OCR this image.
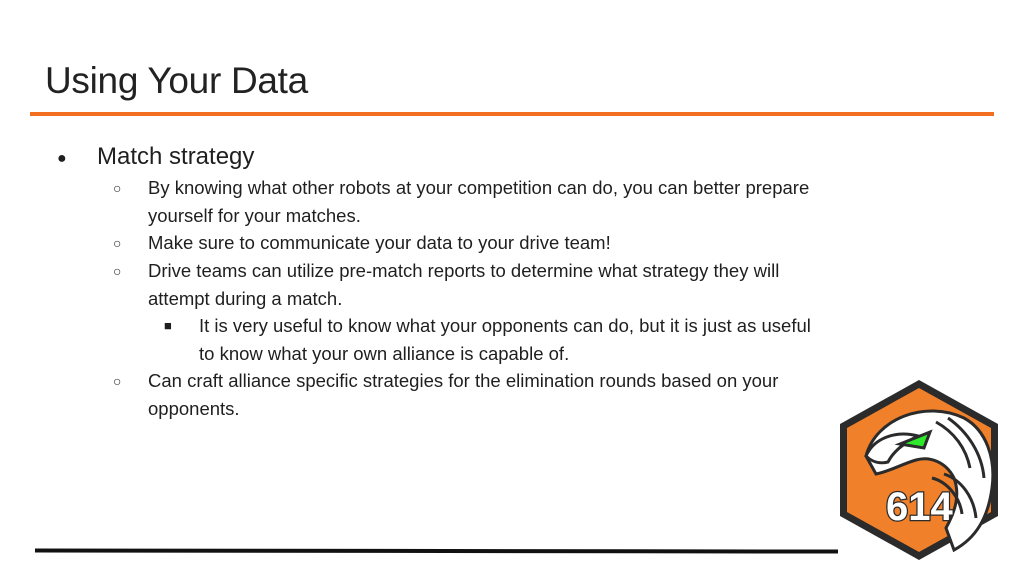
Using Your Data
● Match strategy
○ By knowing what other robots at your competition can do, you can better prepare
yourself for your matches.
○ Make sure to communicate your data to your drive team!
○ Drive teams can utilize pre-match reports to determine what strategy they will
attempt during a match.
■ It is very useful to know what your opponents can do, but it is just as useful
to know what your own alliance is capable of.
○ Can craft alliance specific strategies for the elimination rounds based on your
opponents.
614
